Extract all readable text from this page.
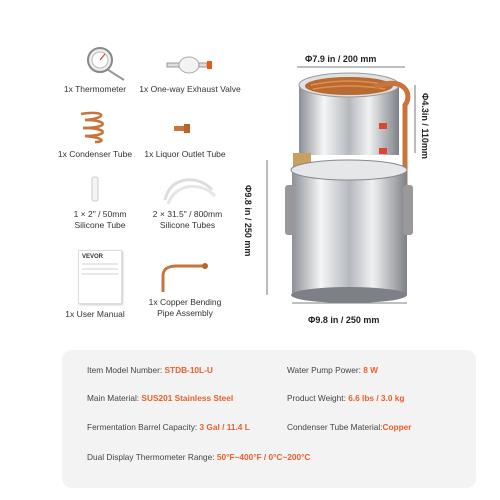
1x Thermometer	1x One-way Exhaust Valve
1x Condenser Tube	1x Liquor Outlet Tube
1 × 2" / 50mm
Silicone Tube
2 × 31.5" / 800mm
Silicone Tubes
VEVOR
1x User Manual
1x Copper Bending
Pipe Assembly
Φ7.9 in / 200 mm
Φ4.3in / 110mm
Φ9.8 in / 250 mm
Φ9.8 in / 250 mm
Item Model Number: STDB-10L-U	Water Pump Power: 8 W
Main Material: SUS201 Stainless Steel	Product Weight: 6.6 lbs / 3.0 kg
Fermentation Barrel Capacity: 3 Gal / 11.4 L	Condenser Tube Material:Copper
Dual Display Thermometer Range: 50°F~400°F / 0°C~200°C
